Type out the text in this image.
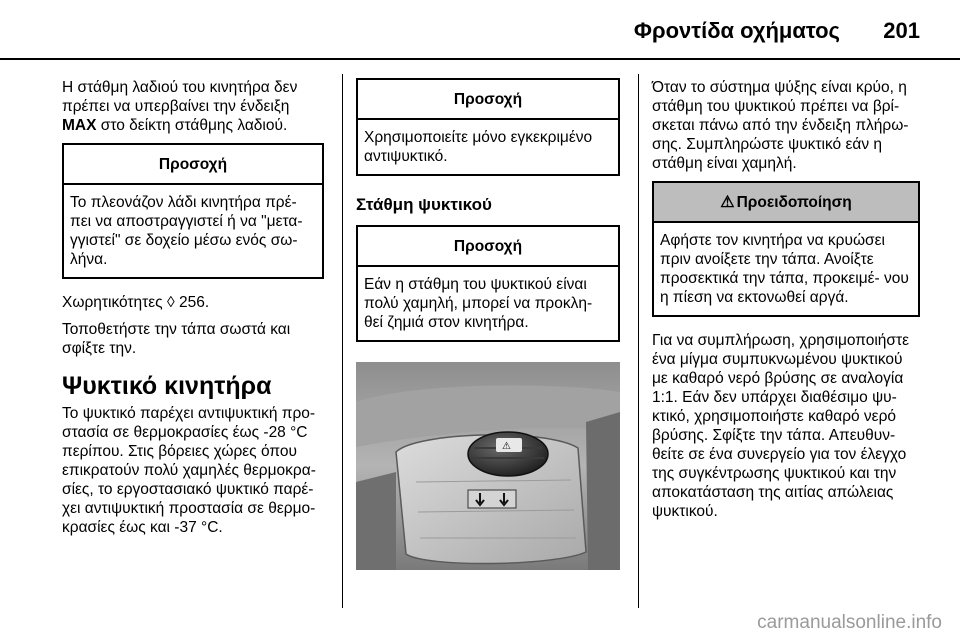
Φροντίδα οχήματος 201

Η στάθμη λαδιού του κινητήρα δεν πρέπει να υπερβαίνει την ένδειξη MAX στο δείκτη στάθμης λαδιού.

Προσοχή
Το πλεονάζον λάδι κινητήρα πρέ- πει να αποστραγγιστεί ή να "μετα- γγιστεί" σε δοχείο μέσω ενός σω- λήνα.

Χωρητικότητες ◊ 256.

Τοποθετήστε την τάπα σωστά και σφίξτε την.

Ψυκτικό κινητήρα

Το ψυκτικό παρέχει αντιψυκτική προ- στασία σε θερμοκρασίες έως -28 °C περίπου. Στις βόρειες χώρες όπου επικρατούν πολύ χαμηλές θερμοκρα- σίες, το εργοστασιακό ψυκτικό παρέ- χει αντιψυκτική προστασία σε θερμο- κρασίες έως και -37 °C.

Προσοχή
Χρησιμοποιείτε μόνο εγκεκριμένο αντιψυκτικό.
Στάθμη ψυκτικού
Προσοχή
Εάν η στάθμη του ψυκτικού είναι πολύ χαμηλή, μπορεί να προκλη- θεί ζημιά στον κινητήρα.
⚠

Όταν το σύστημα ψύξης είναι κρύο, η στάθμη του ψυκτικού πρέπει να βρί- σκεται πάνω από την ένδειξη πλήρω- σης. Συμπληρώστε ψυκτικό εάν η στάθμη είναι χαμηλή.

⚠ Προειδοποίηση
Αφήστε τον κινητήρα να κρυώσει πριν ανοίξετε την τάπα. Ανοίξτε προσεκτικά την τάπα, προκειμέ- νου η πίεση να εκτονωθεί αργά.

Για να συμπλήρωση, χρησιμοποιήστε ένα μίγμα συμπυκνωμένου ψυκτικού με καθαρό νερό βρύσης σε αναλογία 1:1. Εάν δεν υπάρχει διαθέσιμο ψυ- κτικό, χρησιμοποιήστε καθαρό νερό βρύσης. Σφίξτε την τάπα. Απευθυν- θείτε σε ένα συνεργείο για τον έλεγχο της συγκέντρωσης ψυκτικού και την αποκατάσταση της αιτίας απώλειας ψυκτικού.

carmanualsonline.info
